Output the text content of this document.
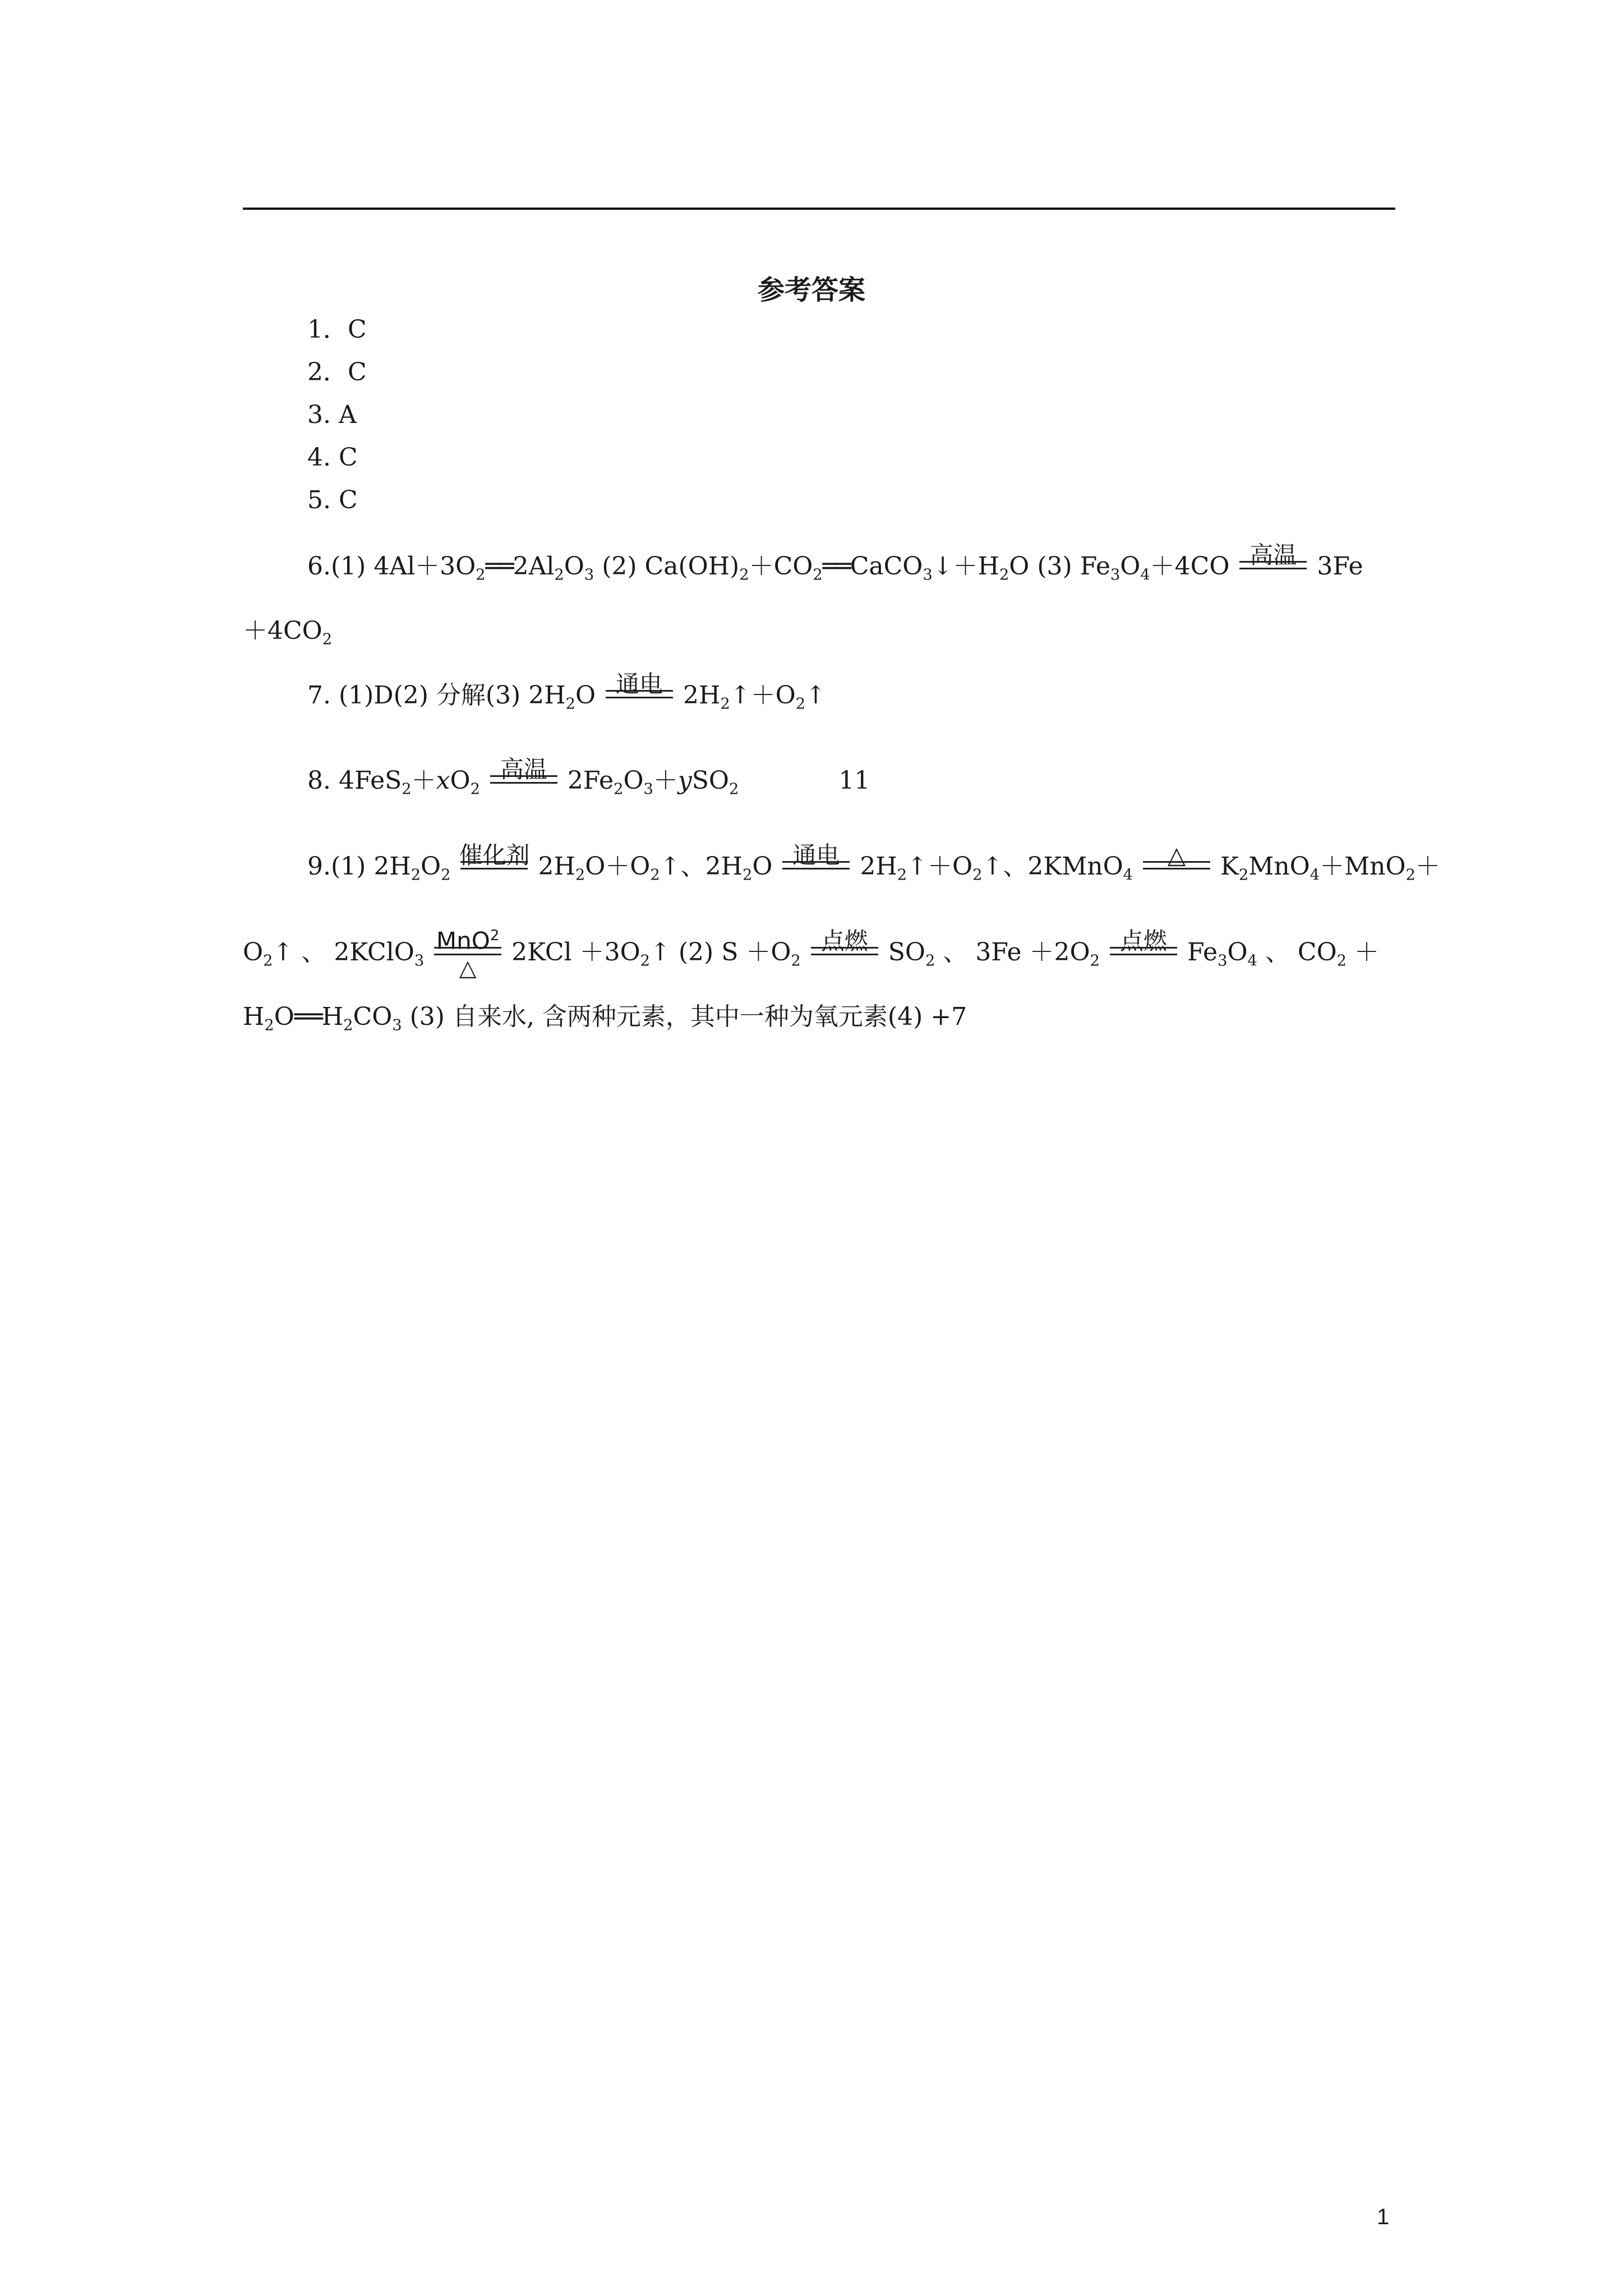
参考答案
1．C
2．C
3. A
4. C
5. C
6.(1) $4Al+3O_2══2Al_2O_3$ (2) $Ca(OH)_2+CO_2══CaCO_3↓+H_2O$ (3) $Fe_3O_4+4CO$ 高温 3Fe
$+4CO_2$
7. (1)D(2) 分解(3) $2H_2O$ 通电 $2H_2↑+O_2↑$
8. $4FeS_2+xO_2$
高温 $2Fe_2O_3+ySO_2$	11
9.(1) $2H_2O_2$
催化剂 $2H_2O+O_2↑$、$2H_2O$ 通电 $2H_2↑+O_2↑$、2KMnO$_4$
△	$K_2MnO_4+MnO_2+$
$O_2↑$ 、 2KClO$_3$
MnO$^2$
△
$2KCl +3O_2↑$ (2) $S +O_2$
点燃 $SO_2$ 、 $3Fe +2O_2$
点燃 $Fe_3O_4$ 、 $CO_2$ ＋
$H_2O══H_2CO_3$ (3) 自来水, 含两种元素，其中一种为氧元素(4) +7
1
